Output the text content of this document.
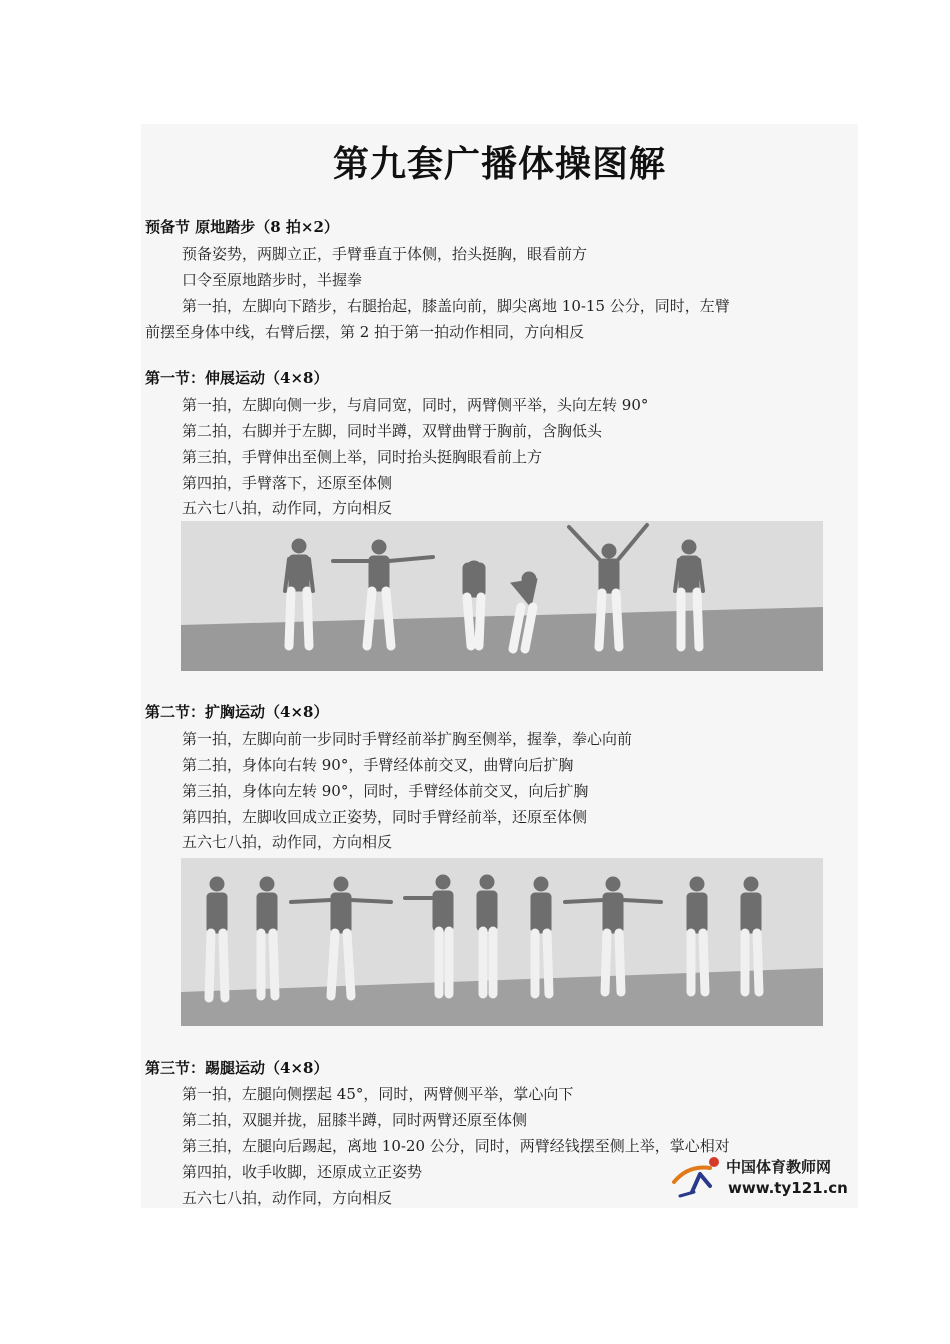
第九套广播体操图解
预备节 原地踏步（8 拍×2）
预备姿势，两脚立正，手臂垂直于体侧，抬头挺胸，眼看前方
口令至原地踏步时，半握拳
第一拍，左脚向下踏步，右腿抬起，膝盖向前，脚尖离地 10-15 公分，同时，左臂
前摆至身体中线，右臂后摆，第 2 拍于第一拍动作相同，方向相反
第一节：伸展运动（4×8）
第一拍，左脚向侧一步，与肩同宽，同时，两臂侧平举，头向左转 90°
第二拍，右脚并于左脚，同时半蹲，双臂曲臂于胸前，含胸低头
第三拍，手臂伸出至侧上举，同时抬头挺胸眼看前上方
第四拍，手臂落下，还原至体侧
五六七八拍，动作同，方向相反
第二节：扩胸运动（4×8）
第一拍，左脚向前一步同时手臂经前举扩胸至侧举，握拳，拳心向前
第二拍，身体向右转 90°，手臂经体前交叉，曲臂向后扩胸
第三拍，身体向左转 90°，同时，手臂经体前交叉，向后扩胸
第四拍，左脚收回成立正姿势，同时手臂经前举，还原至体侧
五六七八拍，动作同，方向相反
第三节：踢腿运动（4×8）
第一拍，左腿向侧摆起 45°，同时，两臂侧平举，掌心向下
第二拍，双腿并拢，屈膝半蹲，同时两臂还原至体侧
第三拍，左腿向后踢起，离地 10-20 公分，同时，两臂经钱摆至侧上举，掌心相对
第四拍，收手收脚，还原成立正姿势
五六七八拍，动作同，方向相反
中国体育教师网
www.ty121.cn
